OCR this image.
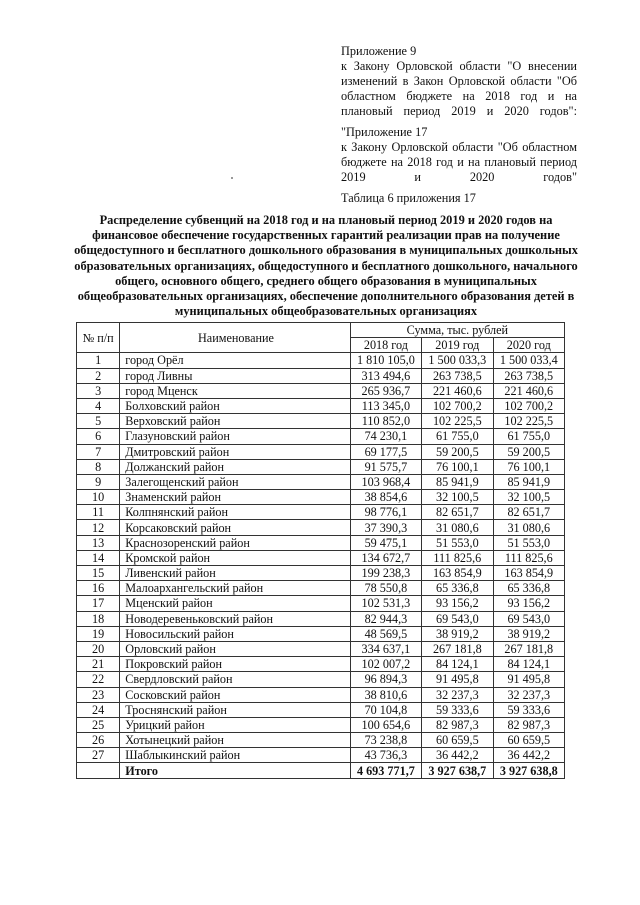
Приложение 9

к Закону Орловской области "О внесении изменений в Закон Орловской области "Об областном бюджете на 2018 год и на плановый период 2019 и 2020 годов":

"Приложение 17

к Закону Орловской области "Об областном бюджете на 2018 год и на плановый период 2019 и 2020 годов"

Таблица 6 приложения 17

Распределение субвенций на 2018 год и на плановый период 2019 и 2020 годов на финансовое обеспечение государственных гарантий реализации прав на получение общедоступного и бесплатного дошкольного образования в муниципальных дошкольных образовательных организациях, общедоступного и бесплатного дошкольного, начального общего, основного общего, среднего общего образования в муниципальных общеобразовательных организациях, обеспечение дополнительного образования детей в муниципальных общеобразовательных организациях
№ п/п	Наименование	Сумма, тыс. рублей		
		2018 год	2019 год	2020 год
1	город Орёл	1 810 105,0	1 500 033,3	1 500 033,4
2	город Ливны	313 494,6	263 738,5	263 738,5
3	город Мценск	265 936,7	221 460,6	221 460,6
4	Болховский район	113 345,0	102 700,2	102 700,2
5	Верховский район	110 852,0	102 225,5	102 225,5
6	Глазуновский район	74 230,1	61 755,0	61 755,0
7	Дмитровский район	69 177,5	59 200,5	59 200,5
8	Должанский район	91 575,7	76 100,1	76 100,1
9	Залегощенский район	103 968,4	85 941,9	85 941,9
10	Знаменский район	38 854,6	32 100,5	32 100,5
11	Колпнянский район	98 776,1	82 651,7	82 651,7
12	Корсаковский район	37 390,3	31 080,6	31 080,6
13	Краснозоренский район	59 475,1	51 553,0	51 553,0
14	Кромской район	134 672,7	111 825,6	111 825,6
15	Ливенский район	199 238,3	163 854,9	163 854,9
16	Малоархангельский район	78 550,8	65 336,8	65 336,8
17	Мценский район	102 531,3	93 156,2	93 156,2
18	Новодеревеньковский район	82 944,3	69 543,0	69 543,0
19	Новосильский район	48 569,5	38 919,2	38 919,2
20	Орловский район	334 637,1	267 181,8	267 181,8
21	Покровский район	102 007,2	84 124,1	84 124,1
22	Свердловский район	96 894,3	91 495,8	91 495,8
23	Сосковский район	38 810,6	32 237,3	32 237,3
24	Троснянский район	70 104,8	59 333,6	59 333,6
25	Урицкий район	100 654,6	82 987,3	82 987,3
26	Хотынецкий район	73 238,8	60 659,5	60 659,5
27	Шаблыкинский район	43 736,3	36 442,2	36 442,2
	Итого	4 693 771,7	3 927 638,7	3 927 638,8
